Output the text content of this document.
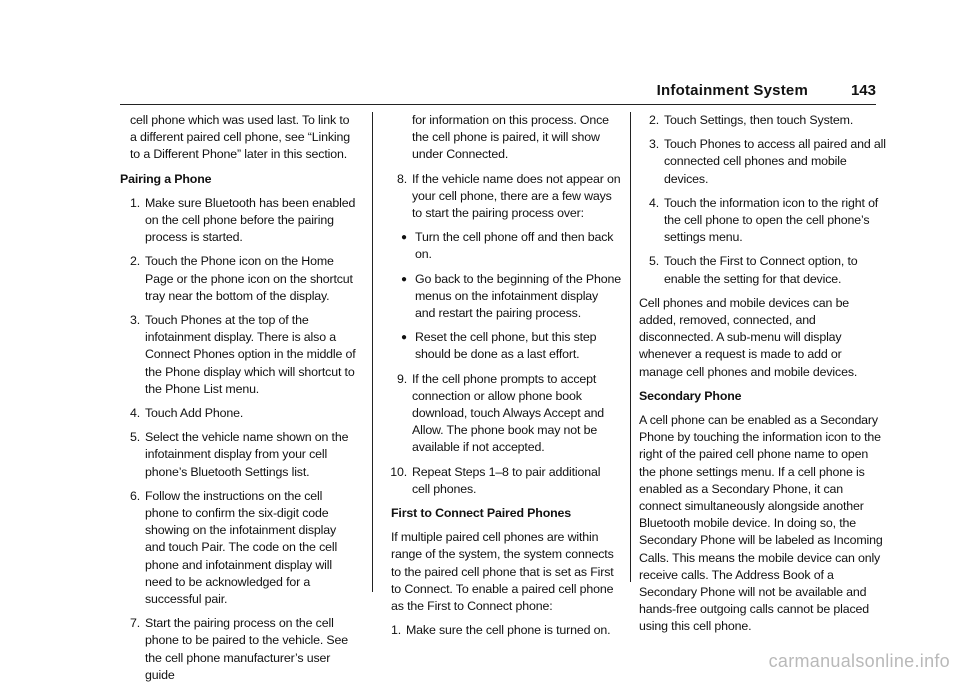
Infotainment System	143

cell phone which was used last. To link to a different paired cell phone, see “Linking to a Different Phone” later in this section.

Pairing a Phone
1. Make sure Bluetooth has been enabled on the cell phone before the pairing process is started.
2. Touch the Phone icon on the Home Page or the phone icon on the shortcut tray near the bottom of the display.
3. Touch Phones at the top of the infotainment display. There is also a Connect Phones option in the middle of the Phone display which will shortcut to the Phone List menu.
4. Touch Add Phone.
5. Select the vehicle name shown on the infotainment display from your cell phone’s Bluetooth Settings list.
6. Follow the instructions on the cell phone to confirm the six-digit code showing on the infotainment display and touch Pair. The code on the cell phone and infotainment display will need to be acknowledged for a successful pair.
7. Start the pairing process on the cell phone to be paired to the vehicle. See the cell phone manufacturer’s user guide
for information on this process. Once the cell phone is paired, it will show under Connected.
8. If the vehicle name does not appear on your cell phone, there are a few ways to start the pairing process over:
● Turn the cell phone off and then back on.
● Go back to the beginning of the Phone menus on the infotainment display and restart the pairing process.
● Reset the cell phone, but this step should be done as a last effort.
9. If the cell phone prompts to accept connection or allow phone book download, touch Always Accept and Allow. The phone book may not be available if not accepted.
10. Repeat Steps 1–8 to pair additional cell phones.
First to Connect Paired Phones

If multiple paired cell phones are within range of the system, the system connects to the paired cell phone that is set as First to Connect. To enable a paired cell phone as the First to Connect phone:

1. Make sure the cell phone is turned on.
2. Touch Settings, then touch System.
3. Touch Phones to access all paired and all connected cell phones and mobile devices.
4. Touch the information icon to the right of the cell phone to open the cell phone’s settings menu.
5. Touch the First to Connect option, to enable the setting for that device.

Cell phones and mobile devices can be added, removed, connected, and disconnected. A sub-menu will display whenever a request is made to add or manage cell phones and mobile devices.

Secondary Phone

A cell phone can be enabled as a Secondary Phone by touching the information icon to the right of the paired cell phone name to open the phone settings menu. If a cell phone is enabled as a Secondary Phone, it can connect simultaneously alongside another Bluetooth mobile device. In doing so, the Secondary Phone will be labeled as Incoming Calls. This means the mobile device can only receive calls. The Address Book of a Secondary Phone will not be available and hands-free outgoing calls cannot be placed using this cell phone.

carmanualsonline.info
